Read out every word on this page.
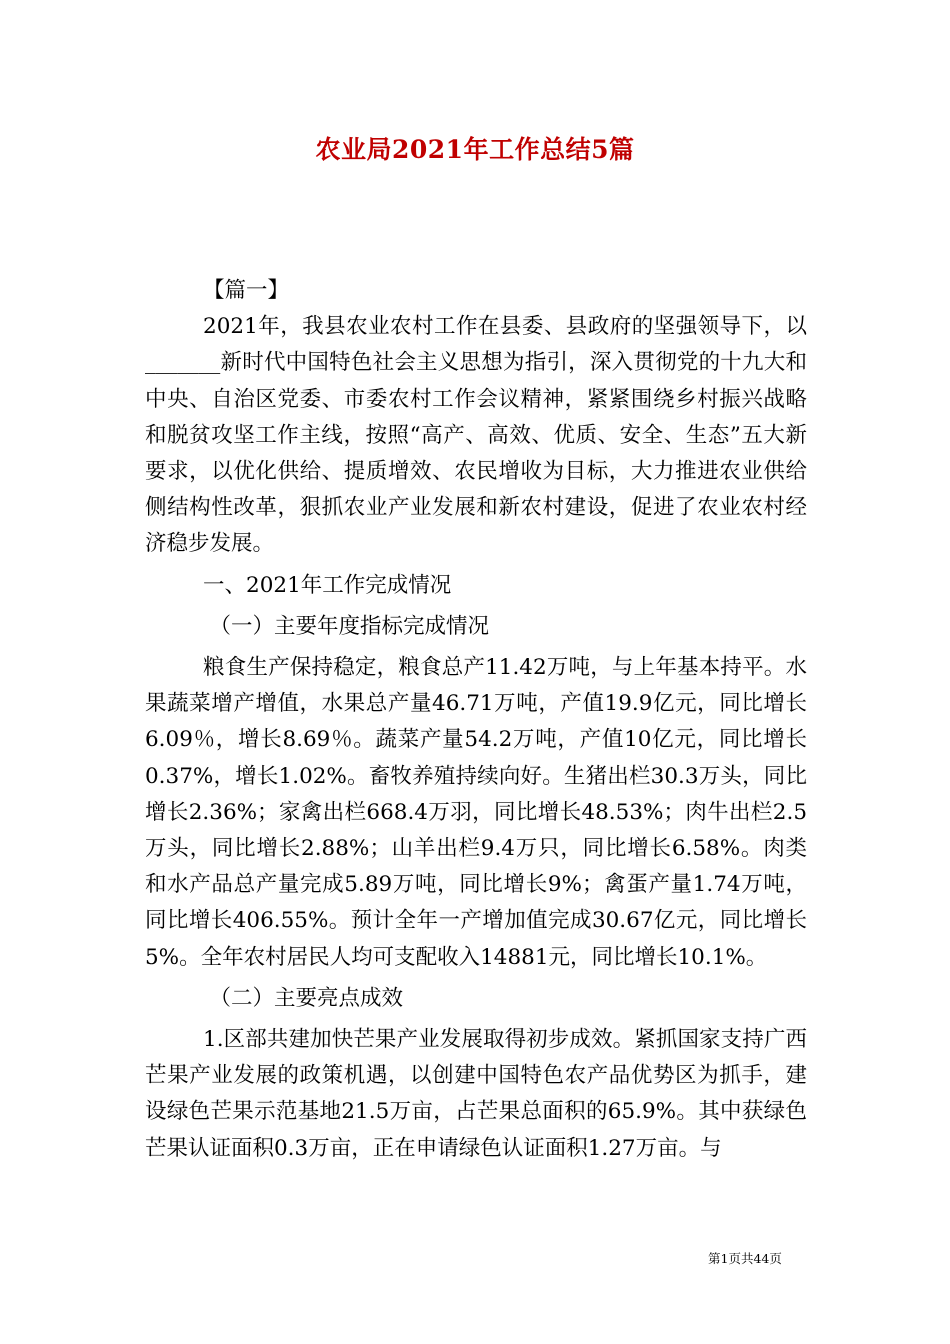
农业局2021年工作总结5篇

【篇一】

2021年，我县农业农村工作在县委、县政府的坚强领导下，以_______新时代中国特色社会主义思想为指引，深入贯彻党的十九大和中央、自治区党委、市委农村工作会议精神，紧紧围绕乡村振兴战略和脱贫攻坚工作主线，按照“高产、高效、优质、安全、生态”五大新要求，以优化供给、提质增效、农民增收为目标，大力推进农业供给侧结构性改革，狠抓农业产业发展和新农村建设，促进了农业农村经济稳步发展。

一、2021年工作完成情况

（一）主要年度指标完成情况

粮食生产保持稳定，粮食总产11.42万吨，与上年基本持平。水果蔬菜增产增值，水果总产量46.71万吨，产值19.9亿元，同比增长6.09％，增长8.69％。蔬菜产量54.2万吨，产值10亿元，同比增长0.37%，增长1.02%。畜牧养殖持续向好。生猪出栏30.3万头，同比增长2.36%；家禽出栏668.4万羽，同比增长48.53%；肉牛出栏2.5万头，同比增长2.88%；山羊出栏9.4万只，同比增长6.58%。肉类和水产品总产量完成5.89万吨，同比增长9%；禽蛋产量1.74万吨，同比增长406.55%。预计全年一产增加值完成30.67亿元，同比增长5%。全年农村居民人均可支配收入14881元，同比增长10.1%。

（二）主要亮点成效

1.区部共建加快芒果产业发展取得初步成效。紧抓国家支持广西芒果产业发展的政策机遇，以创建中国特色农产品优势区为抓手，建设绿色芒果示范基地21.5万亩，占芒果总面积的65.9%。其中获绿色芒果认证面积0.3万亩，正在申请绿色认证面积1.27万亩。与

第1页共44页
